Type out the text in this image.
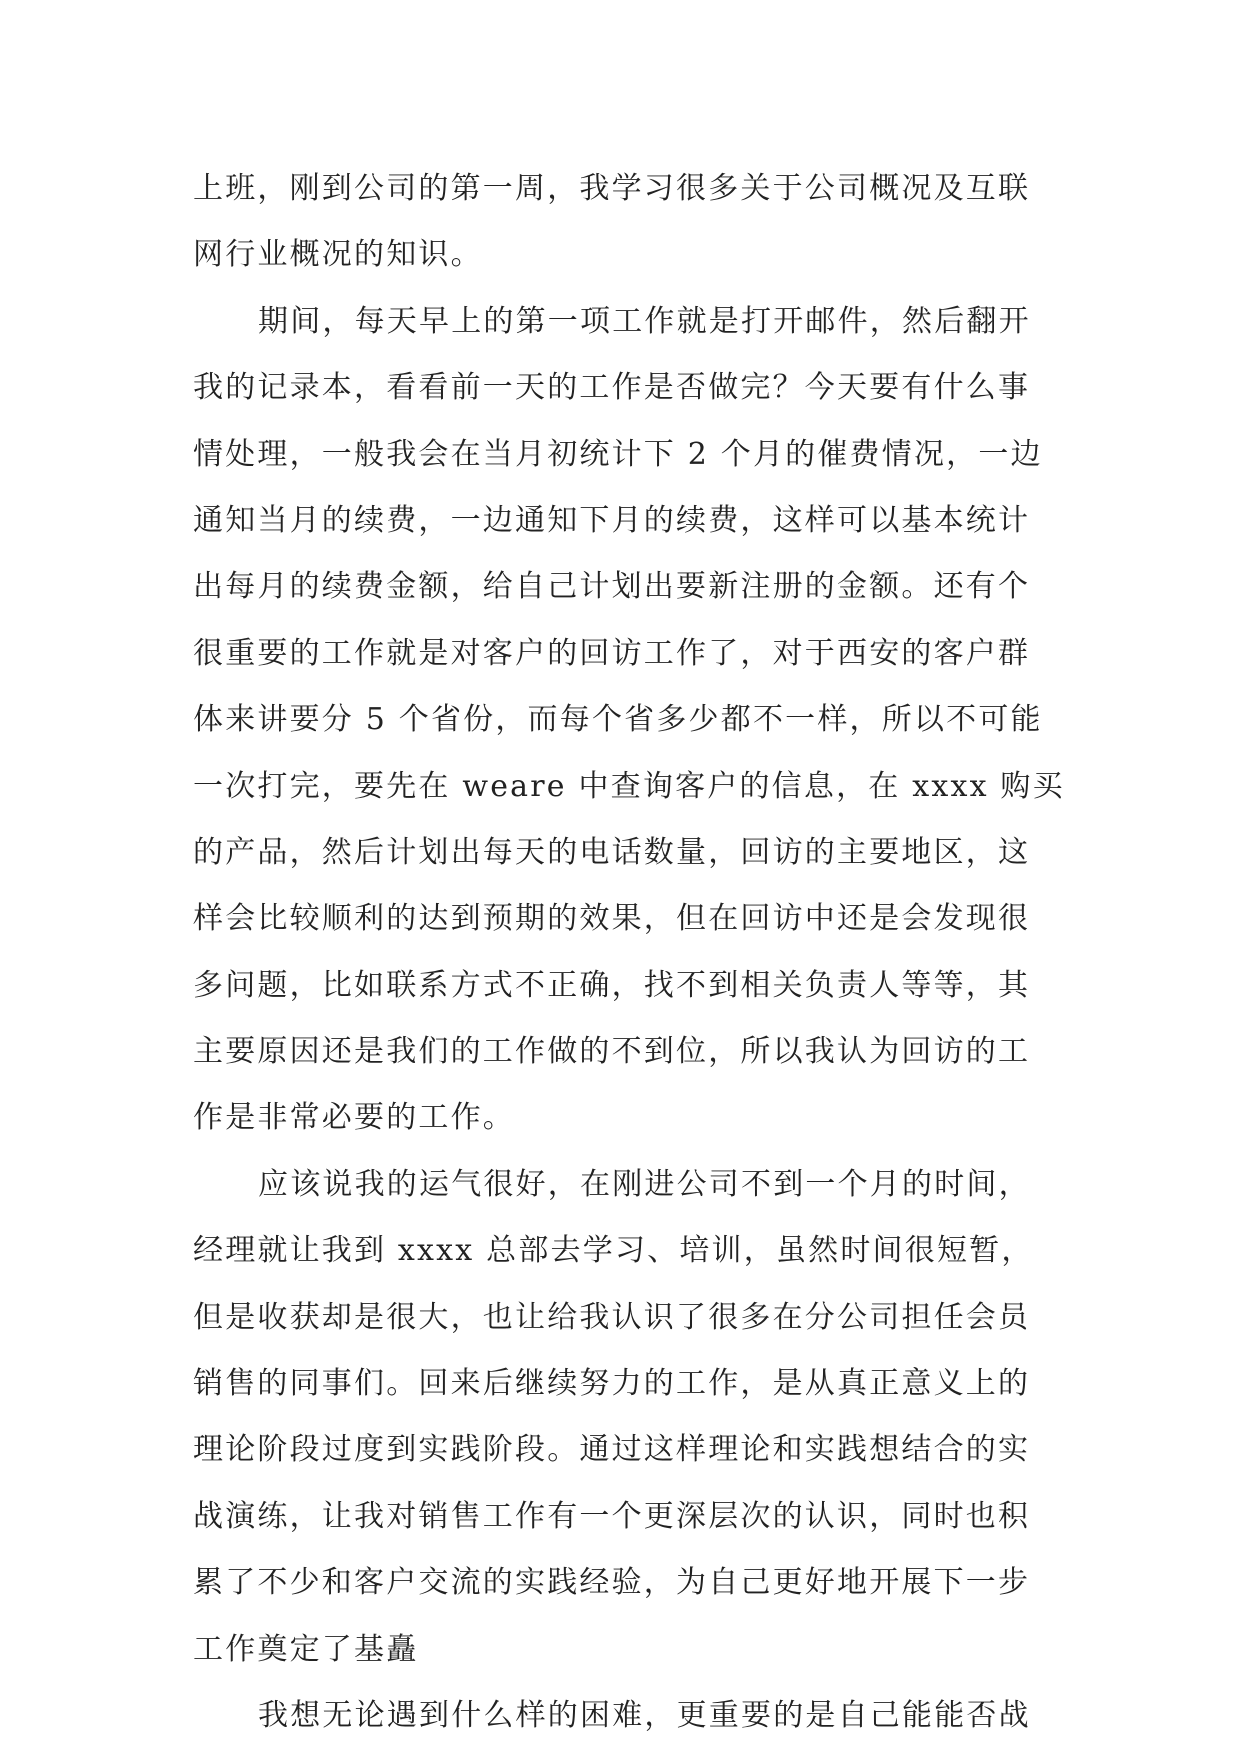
上班，刚到公司的第一周，我学习很多关于公司概况及互联
网行业概况的知识。
期间，每天早上的第一项工作就是打开邮件，然后翻开
我的记录本，看看前一天的工作是否做完？今天要有什么事
情处理，一般我会在当月初统计下 2 个月的催费情况，一边
通知当月的续费，一边通知下月的续费，这样可以基本统计
出每月的续费金额，给自己计划出要新注册的金额。还有个
很重要的工作就是对客户的回访工作了，对于西安的客户群
体来讲要分 5 个省份，而每个省多少都不一样，所以不可能
一次打完，要先在 weare 中查询客户的信息，在 xxxx 购买
的产品，然后计划出每天的电话数量，回访的主要地区，这
样会比较顺利的达到预期的效果，但在回访中还是会发现很
多问题，比如联系方式不正确，找不到相关负责人等等，其
主要原因还是我们的工作做的不到位，所以我认为回访的工
作是非常必要的工作。
应该说我的运气很好，在刚进公司不到一个月的时间，
经理就让我到 xxxx 总部去学习、培训，虽然时间很短暂，
但是收获却是很大，也让给我认识了很多在分公司担任会员
销售的同事们。回来后继续努力的工作，是从真正意义上的
理论阶段过度到实践阶段。通过这样理论和实践想结合的实
战演练，让我对销售工作有一个更深层次的认识，同时也积
累了不少和客户交流的实践经验，为自己更好地开展下一步
工作奠定了基矗
我想无论遇到什么样的困难，更重要的是自己能能否战
